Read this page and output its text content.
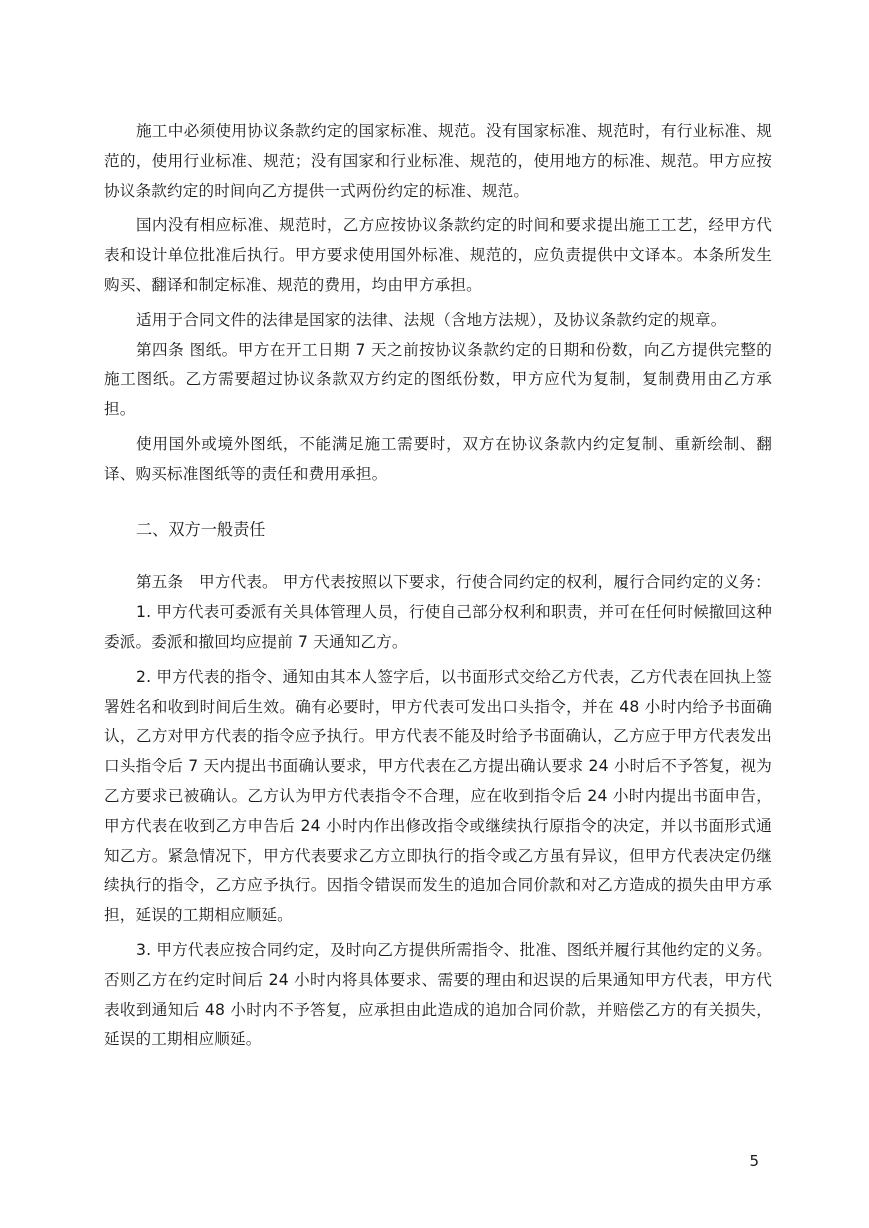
施工中必须使用协议条款约定的国家标准、规范。没有国家标准、规范时，有行业标准、规范的，使用行业标准、规范；没有国家和行业标准、规范的，使用地方的标准、规范。甲方应按协议条款约定的时间向乙方提供一式两份约定的标准、规范。

国内没有相应标准、规范时，乙方应按协议条款约定的时间和要求提出施工工艺，经甲方代表和设计单位批准后执行。甲方要求使用国外标准、规范的，应负责提供中文译本。本条所发生购买、翻译和制定标准、规范的费用，均由甲方承担。

适用于合同文件的法律是国家的法律、法规（含地方法规），及协议条款约定的规章。

第四条 图纸。甲方在开工日期 7 天之前按协议条款约定的日期和份数，向乙方提供完整的施工图纸。乙方需要超过协议条款双方约定的图纸份数，甲方应代为复制，复制费用由乙方承担。

使用国外或境外图纸，不能满足施工需要时，双方在协议条款内约定复制、重新绘制、翻译、购买标准图纸等的责任和费用承担。

二、双方一般责任

第五条　甲方代表。 甲方代表按照以下要求，行使合同约定的权利，履行合同约定的义务：

1. 甲方代表可委派有关具体管理人员，行使自己部分权利和职责，并可在任何时候撤回这种委派。委派和撤回均应提前 7 天通知乙方。

2. 甲方代表的指令、通知由其本人签字后，以书面形式交给乙方代表，乙方代表在回执上签署姓名和收到时间后生效。确有必要时，甲方代表可发出口头指令，并在 48 小时内给予书面确认，乙方对甲方代表的指令应予执行。甲方代表不能及时给予书面确认，乙方应于甲方代表发出口头指令后 7 天内提出书面确认要求，甲方代表在乙方提出确认要求 24 小时后不予答复，视为乙方要求已被确认。乙方认为甲方代表指令不合理，应在收到指令后 24 小时内提出书面申告，甲方代表在收到乙方申告后 24 小时内作出修改指令或继续执行原指令的决定，并以书面形式通知乙方。紧急情况下，甲方代表要求乙方立即执行的指令或乙方虽有异议，但甲方代表决定仍继续执行的指令，乙方应予执行。因指令错误而发生的追加合同价款和对乙方造成的损失由甲方承担，延误的工期相应顺延。

3. 甲方代表应按合同约定，及时向乙方提供所需指令、批准、图纸并履行其他约定的义务。否则乙方在约定时间后 24 小时内将具体要求、需要的理由和迟误的后果通知甲方代表，甲方代表收到通知后 48 小时内不予答复，应承担由此造成的追加合同价款，并赔偿乙方的有关损失，延误的工期相应顺延。

5
